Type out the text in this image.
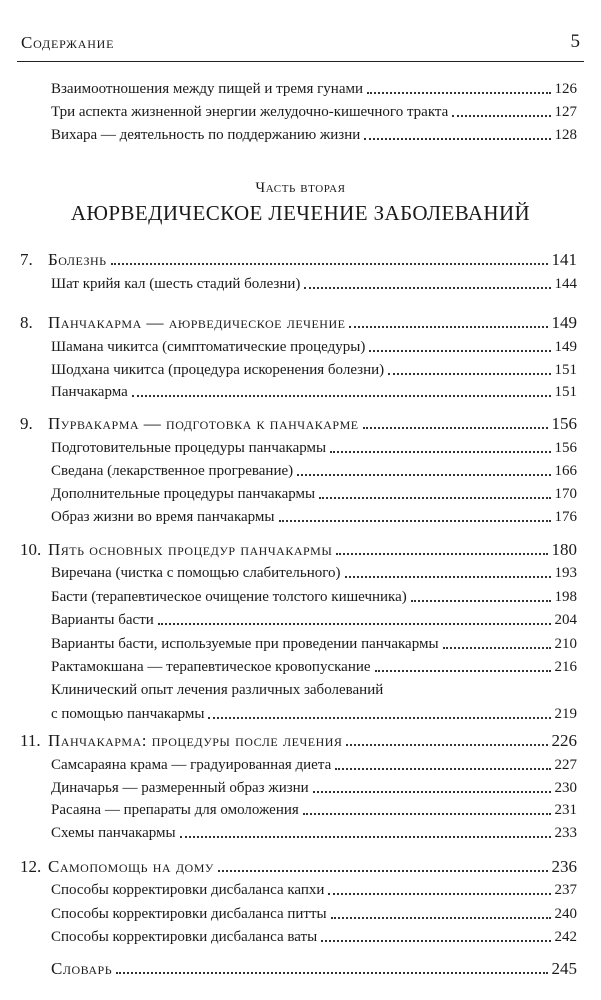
Содержание	5
Часть вторая
АЮРВЕДИЧЕСКОЕ ЛЕЧЕНИЕ ЗАБОЛЕВАНИЙ
Взаимоотношения между пищей и тремя гунами	126
Три аспекта жизненной энергии желудочно-кишечного тракта	127
Вихара — деятельность по поддержанию жизни	128
7. Болезнь	141
Шат крийя кал (шесть стадий болезни)	144
8. Панчакарма — аюрведическое лечение	149
Шамана чикитса (симптоматические процедуры)	149
Шодхана чикитса (процедура искоренения болезни)	151
Панчакарма	151
9. Пурвакарма — подготовка к панчакарме	156
Подготовительные процедуры панчакармы	156
Сведана (лекарственное прогревание)	166
Дополнительные процедуры панчакармы	170
Образ жизни во время панчакармы	176
10. Пять основных процедур панчакармы	180
Виречана (чистка с помощью слабительного)	193
Басти (терапевтическое очищение толстого кишечника)	198
Варианты басти	204
Варианты басти, используемые при проведении панчакармы	210
Рактамокшана — терапевтическое кровопускание	216
Клинический опыт лечения различных заболеваний
с помощью панчакармы	219
11. Панчакарма: процедуры после лечения	226
Самсараяна крама — градуированная диета	227
Диначарья — размеренный образ жизни	230
Расаяна — препараты для омоложения	231
Схемы панчакармы	233
12. Самопомощь на дому	236
Способы корректировки дисбаланса капхи	237
Способы корректировки дисбаланса питты	240
Способы корректировки дисбаланса ваты	242
Словарь	245
